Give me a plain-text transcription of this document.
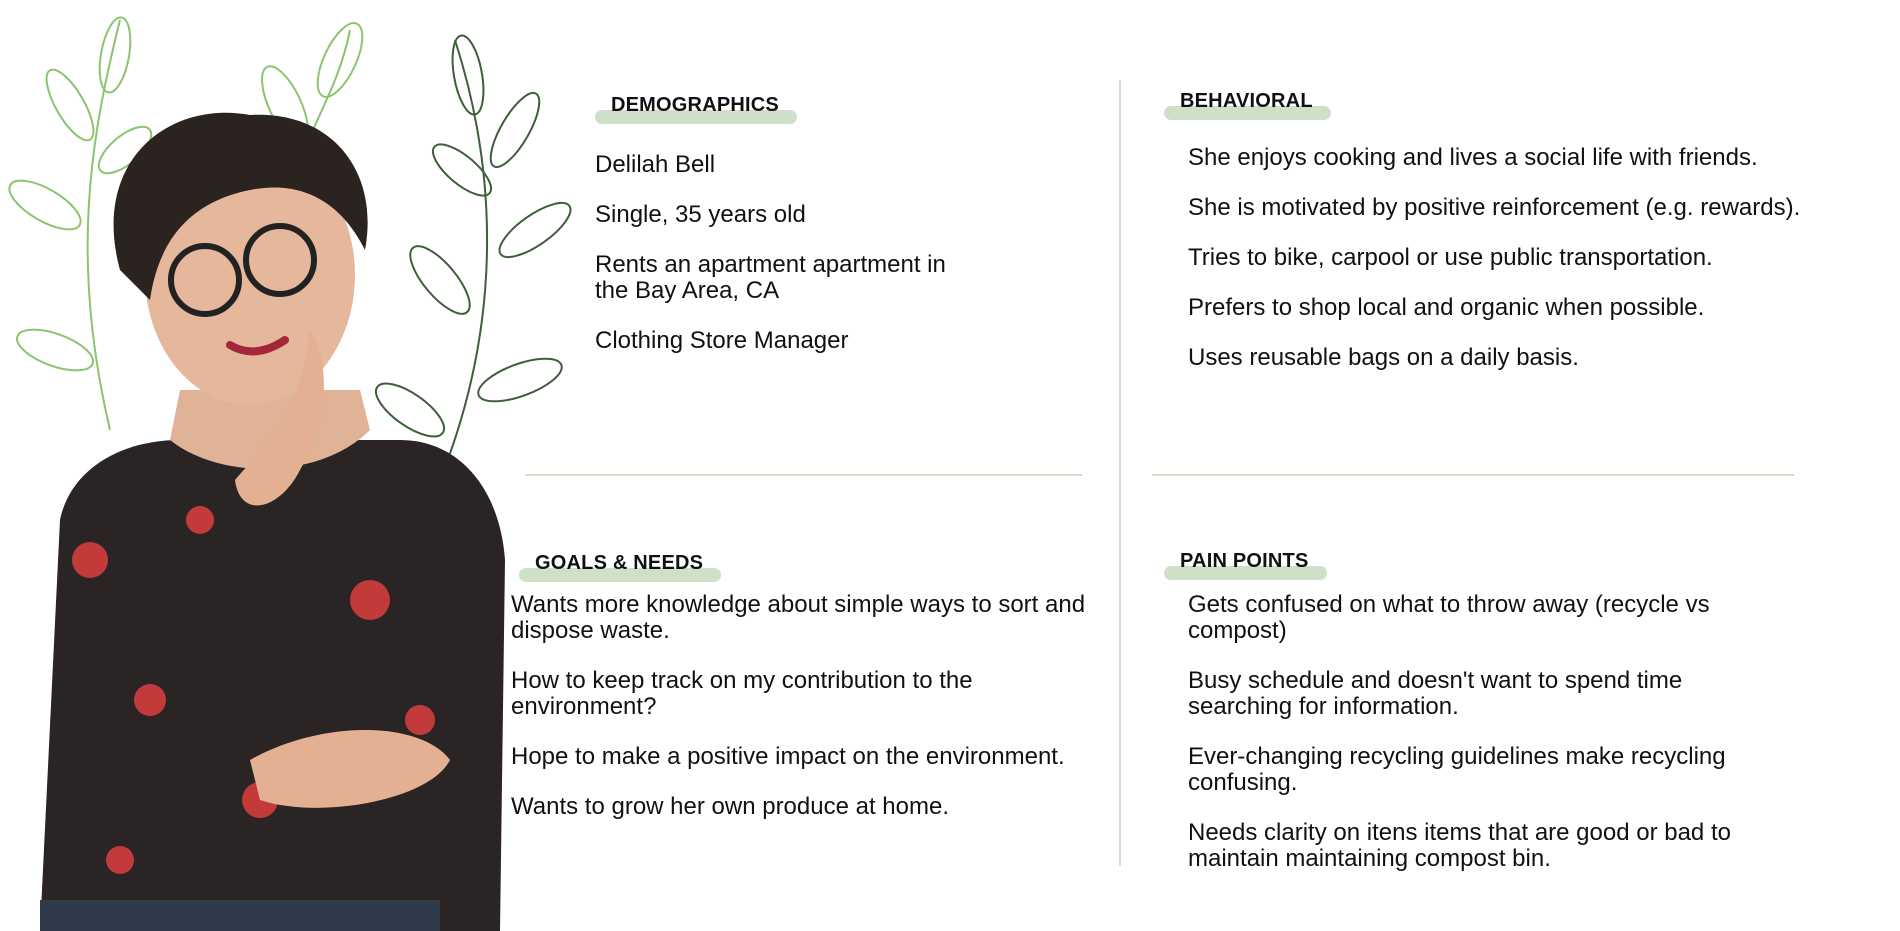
DEMOGRAPHICS
Delilah Bell
Single, 35 years old
Rents an apartment apartment in the Bay Area, CA
Clothing Store Manager
BEHAVIORAL
She enjoys cooking and lives a social life with friends.
She is motivated by positive reinforcement (e.g. rewards).
Tries to bike, carpool or use public transportation.
Prefers to shop local and organic when possible.
Uses reusable bags on a daily basis.
GOALS & NEEDS
Wants more knowledge about simple ways to sort and dispose waste.
How to keep track on my contribution to the environment?
Hope to make a positive impact on the environment.
Wants to grow her own produce at home.
PAIN POINTS
Gets confused on what to throw away (recycle vs compost)
Busy schedule and doesn't want to spend time searching for information.
Ever-changing recycling guidelines make recycling confusing.
Needs clarity on itens items that are good or bad to maintain maintaining compost bin.
